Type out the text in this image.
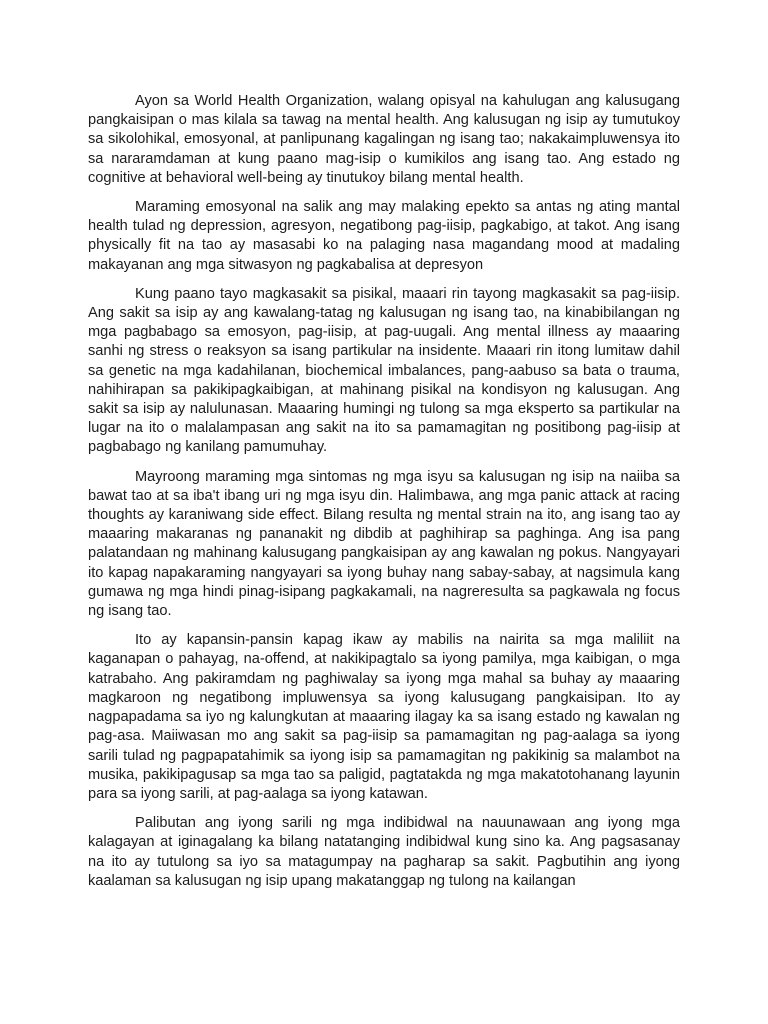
Ayon sa World Health Organization, walang opisyal na kahulugan ang kalusugang pangkaisipan o mas kilala sa tawag na mental health. Ang kalusugan ng isip ay tumutukoy sa sikolohikal, emosyonal, at panlipunang kagalingan ng isang tao; nakakaimpluwensya ito sa nararamdaman at kung paano mag-isip o kumikilos ang isang tao. Ang estado ng cognitive at behavioral well-being ay tinutukoy bilang mental health.

Maraming emosyonal na salik ang may malaking epekto sa antas ng ating mantal health tulad ng depression, agresyon, negatibong pag-iisip, pagkabigo, at takot. Ang isang physically fit na tao ay masasabi ko na palaging nasa magandang mood at madaling makayanan ang mga sitwasyon ng pagkabalisa at depresyon

Kung paano tayo magkasakit sa pisikal, maaari rin tayong magkasakit sa pag-iisip. Ang sakit sa isip ay ang kawalang-tatag ng kalusugan ng isang tao, na kinabibilangan ng mga pagbabago sa emosyon, pag-iisip, at pag-uugali. Ang mental illness ay maaaring sanhi ng stress o reaksyon sa isang partikular na insidente. Maaari rin itong lumitaw dahil sa genetic na mga kadahilanan, biochemical imbalances, pang-aabuso sa bata o trauma, nahihirapan sa pakikipagkaibigan, at mahinang pisikal na kondisyon ng kalusugan. Ang sakit sa isip ay nalulunasan. Maaaring humingi ng tulong sa mga eksperto sa partikular na lugar na ito o malalampasan ang sakit na ito sa pamamagitan ng positibong pag-iisip at pagbabago ng kanilang pamumuhay.

Mayroong maraming mga sintomas ng mga isyu sa kalusugan ng isip na naiiba sa bawat tao at sa iba't ibang uri ng mga isyu din. Halimbawa, ang mga panic attack at racing thoughts ay karaniwang side effect. Bilang resulta ng mental strain na ito, ang isang tao ay maaaring makaranas ng pananakit ng dibdib at paghihirap sa paghinga. Ang isa pang palatandaan ng mahinang kalusugang pangkaisipan ay ang kawalan ng pokus. Nangyayari ito kapag napakaraming nangyayari sa iyong buhay nang sabay-sabay, at nagsimula kang gumawa ng mga hindi pinag-isipang pagkakamali, na nagreresulta sa pagkawala ng focus ng isang tao.

Ito ay kapansin-pansin kapag ikaw ay mabilis na nairita sa mga maliliit na kaganapan o pahayag, na-offend, at nakikipagtalo sa iyong pamilya, mga kaibigan, o mga katrabaho. Ang pakiramdam ng paghiwalay sa iyong mga mahal sa buhay ay maaaring magkaroon ng negatibong impluwensya sa iyong kalusugang pangkaisipan. Ito ay nagpapadama sa iyo ng kalungkutan at maaaring ilagay ka sa isang estado ng kawalan ng pag-asa. Maiiwasan mo ang sakit sa pag-iisip sa pamamagitan ng pag-aalaga sa iyong sarili tulad ng pagpapatahimik sa iyong isip sa pamamagitan ng pakikinig sa malambot na musika, pakikipagusap sa mga tao sa paligid, pagtatakda ng mga makatotohanang layunin para sa iyong sarili, at pag-aalaga sa iyong katawan.

Palibutan ang iyong sarili ng mga indibidwal na nauunawaan ang iyong mga kalagayan at iginagalang ka bilang natatanging indibidwal kung sino ka. Ang pagsasanay na ito ay tutulong sa iyo sa matagumpay na pagharap sa sakit. Pagbutihin ang iyong kaalaman sa kalusugan ng isip upang makatanggap ng tulong na kailangan
